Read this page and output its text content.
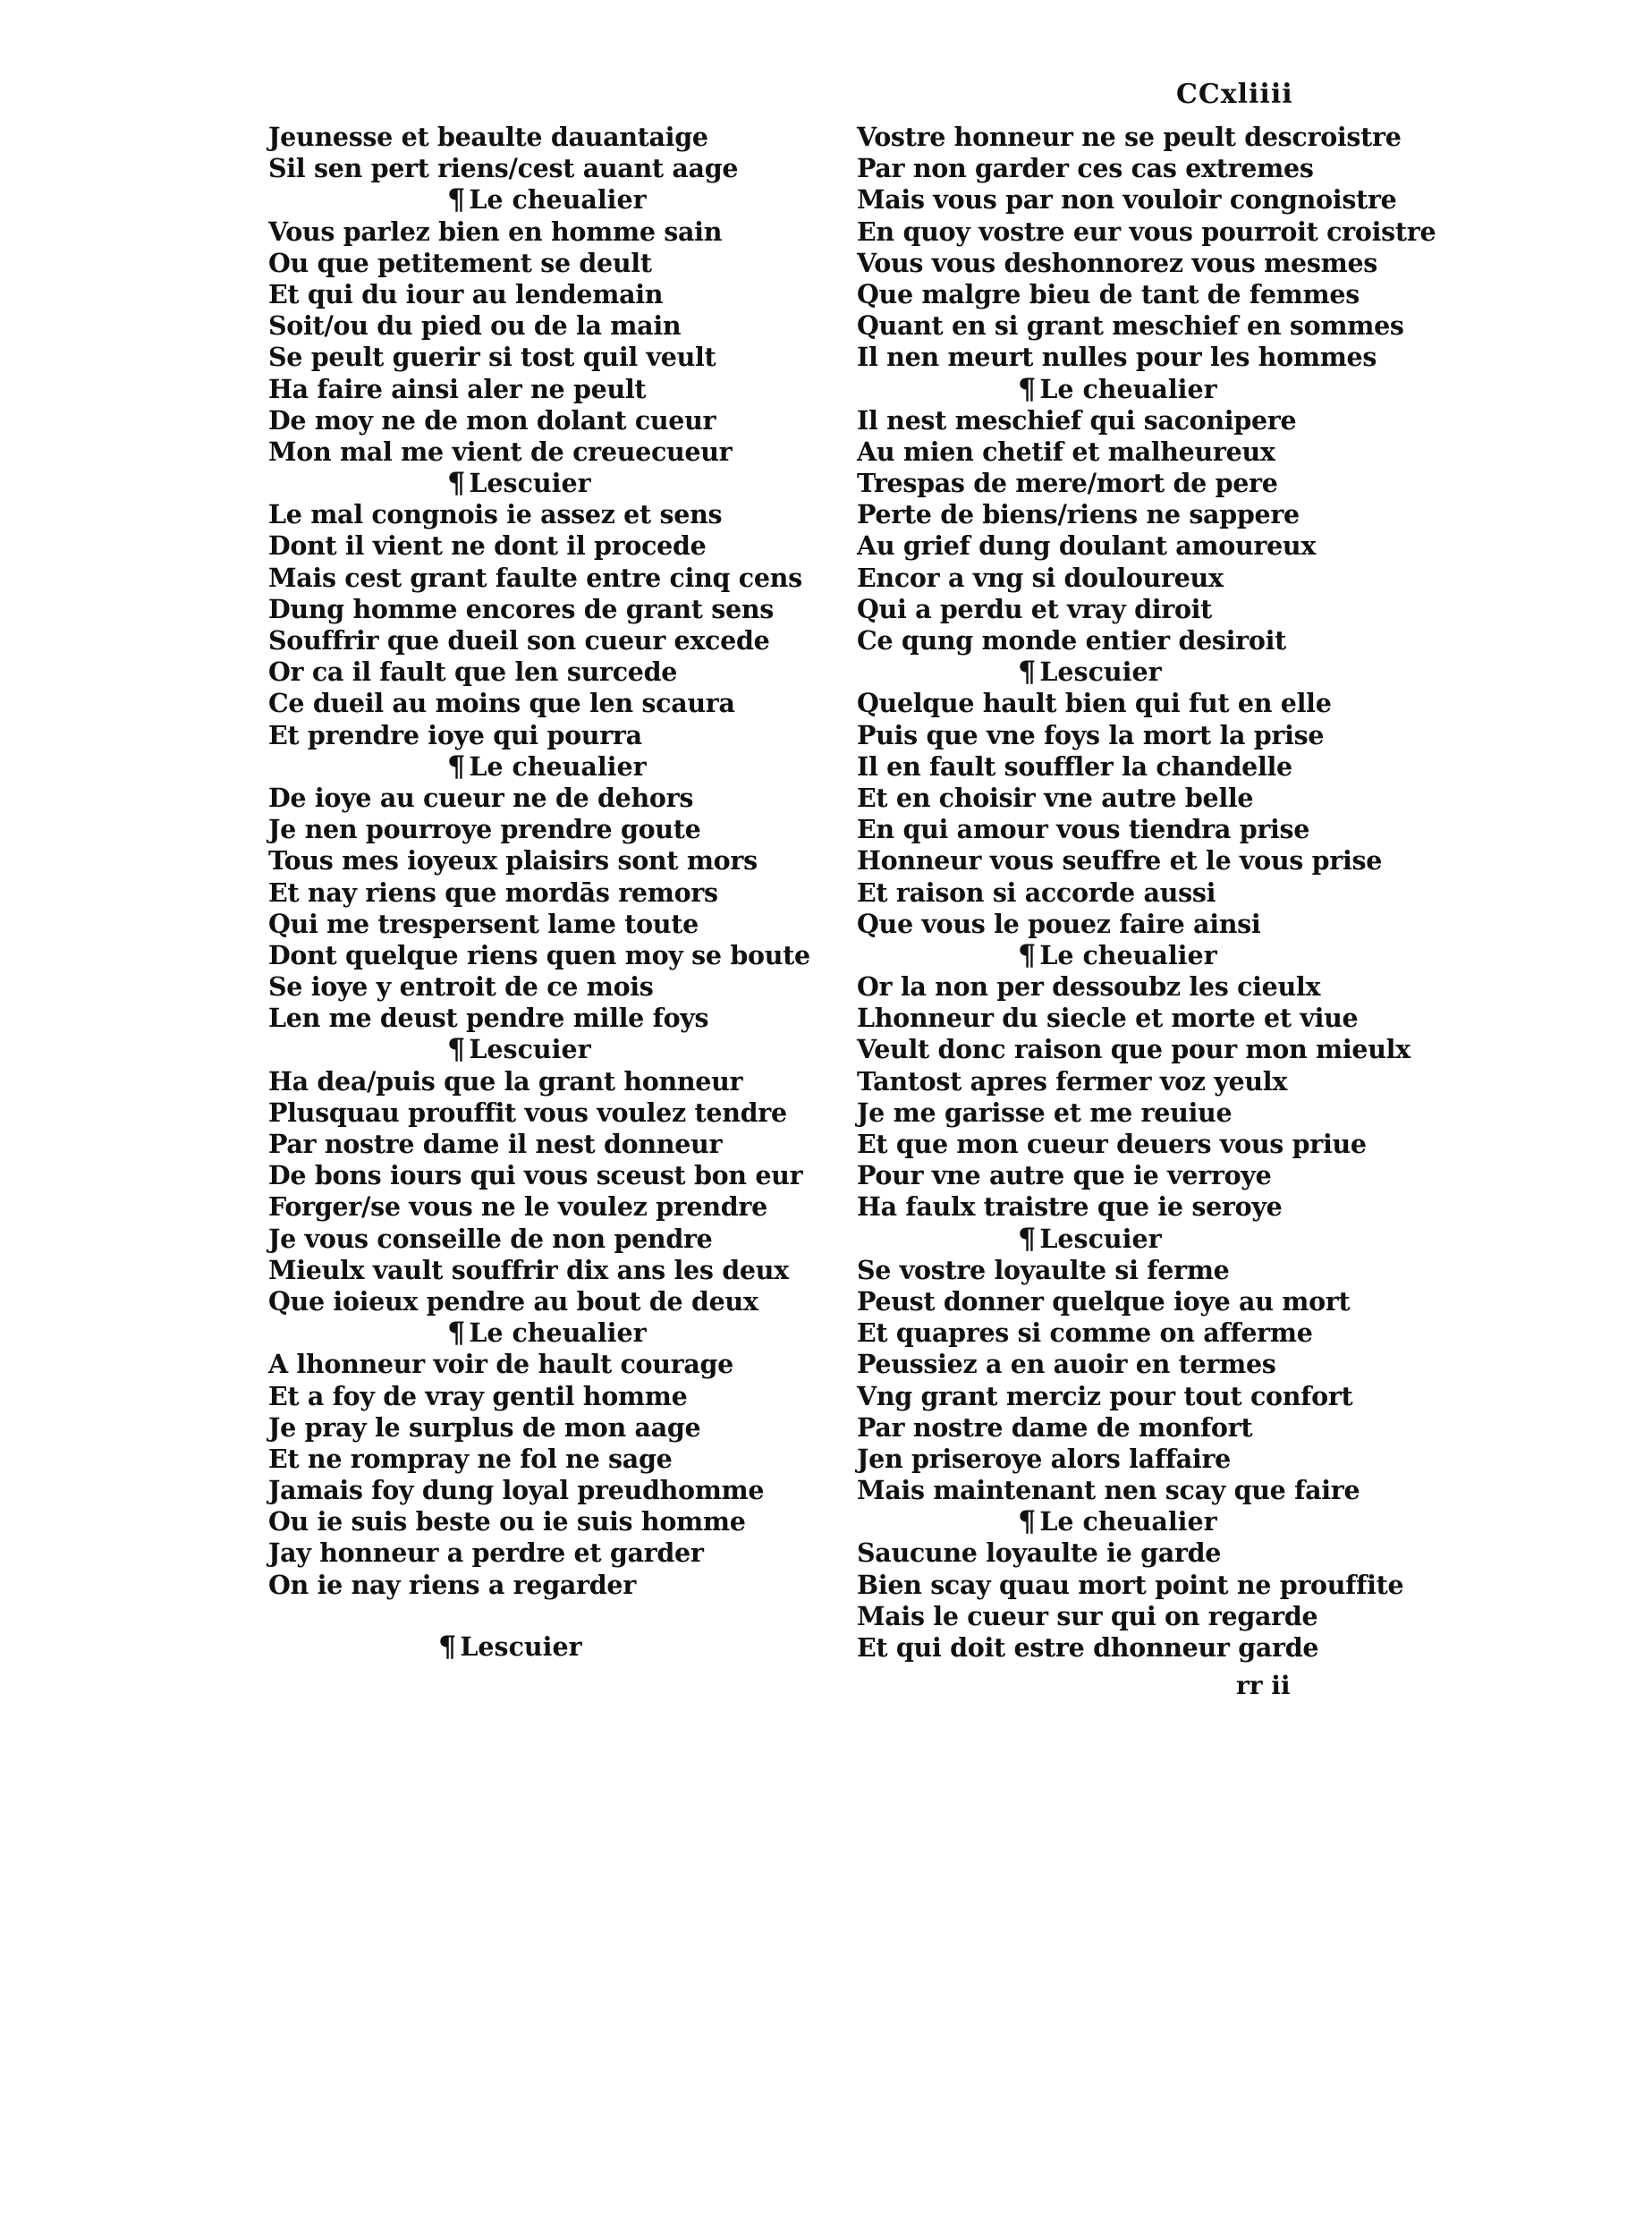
CCxliiii
Jeunesse et beaulte dauantaige
Sil sen pert riens/cest auant aage
¶ Le cheualier
Vous parlez bien en homme sain
Ou que petitement se deult
Et qui du iour au lendemain
Soit/ou du pied ou de la main
Se peult guerir si tost quil veult
Ha faire ainsi aler ne peult
De moy ne de mon dolant cueur
Mon mal me vient de creuecueur
¶ Lescuier
Le mal congnois ie assez et sens
Dont il vient ne dont il procede
Mais cest grant faulte entre cinq cens
Dung homme encores de grant sens
Souffrir que dueil son cueur excede
Or ca il fault que len surcede
Ce dueil au moins que len scaura
Et prendre ioye qui pourra
¶ Le cheualier
De ioye au cueur ne de dehors
Je nen pourroye prendre goute
Tous mes ioyeux plaisirs sont mors
Et nay riens que mordās remors
Qui me trespersent lame toute
Dont quelque riens quen moy se boute
Se ioye y entroit de ce mois
Len me deust pendre mille foys
¶ Lescuier
Ha dea/puis que la grant honneur
Plusquau prouffit vous voulez tendre
Par nostre dame il nest donneur
De bons iours qui vous sceust bon eur
Forger/se vous ne le voulez prendre
Je vous conseille de non pendre
Mieulx vault souffrir dix ans les deux
Que ioieux pendre au bout de deux
¶ Le cheualier
A lhonneur voir de hault courage
Et a foy de vray gentil homme
Je pray le surplus de mon aage
Et ne rompray ne fol ne sage
Jamais foy dung loyal preudhomme
Ou ie suis beste ou ie suis homme
Jay honneur a perdre et garder
On ie nay riens a regarder
Vostre honneur ne se peult descroistre
Par non garder ces cas extremes
Mais vous par non vouloir congnoistre
En quoy vostre eur vous pourroit croistre
Vous vous deshonnorez vous mesmes
Que malgre bieu de tant de femmes
Quant en si grant meschief en sommes
Il nen meurt nulles pour les hommes
¶ Le cheualier
Il nest meschief qui saconipere
Au mien chetif et malheureux
Trespas de mere/mort de pere
Perte de biens/riens ne sappere
Au grief dung doulant amoureux
Encor a vng si douloureux
Qui a perdu et vray diroit
Ce qung monde entier desiroit
¶ Lescuier
Quelque hault bien qui fut en elle
Puis que vne foys la mort la prise
Il en fault souffler la chandelle
Et en choisir vne autre belle
En qui amour vous tiendra prise
Honneur vous seuffre et le vous prise
Et raison si accorde aussi
Que vous le pouez faire ainsi
¶ Le cheualier
Or la non per dessoubz les cieulx
Lhonneur du siecle et morte et viue
Veult donc raison que pour mon mieulx
Tantost apres fermer voz yeulx
Je me garisse et me reuiue
Et que mon cueur deuers vous priue
Pour vne autre que ie verroye
Ha faulx traistre que ie seroye
¶ Lescuier
Se vostre loyaulte si ferme
Peust donner quelque ioye au mort
Et quapres si comme on afferme
Peussiez a en auoir en termes
Vng grant merciz pour tout confort
Par nostre dame de monfort
Jen priseroye alors laffaire
Mais maintenant nen scay que faire
¶ Le cheualier
Saucune loyaulte ie garde
Bien scay quau mort point ne prouffite
Mais le cueur sur qui on regarde
Et qui doit estre dhonneur garde
¶ Lescuier
rr ii
